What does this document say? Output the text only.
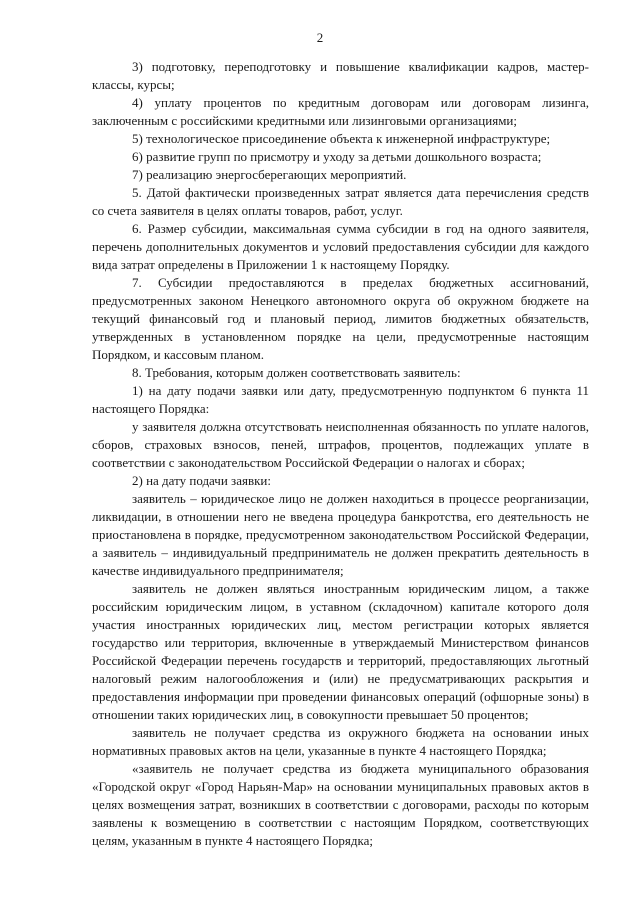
2

3) подготовку, переподготовку и повышение квалификации кадров, мастер-классы, курсы;

4) уплату процентов по кредитным договорам или договорам лизинга, заключенным с российскими кредитными или лизинговыми организациями;

5) технологическое присоединение объекта к инженерной инфраструктуре;

6) развитие групп по присмотру и уходу за детьми дошкольного возраста;

7) реализацию энергосберегающих мероприятий.

5. Датой фактически произведенных затрат является дата перечисления средств со счета заявителя в целях оплаты товаров, работ, услуг.

6. Размер субсидии, максимальная сумма субсидии в год на одного заявителя, перечень дополнительных документов и условий предоставления субсидии для каждого вида затрат определены в Приложении 1 к настоящему Порядку.

7. Субсидии предоставляются в пределах бюджетных ассигнований, предусмотренных законом Ненецкого автономного округа об окружном бюджете на текущий финансовый год и плановый период, лимитов бюджетных обязательств, утвержденных в установленном порядке на цели, предусмотренные настоящим Порядком, и кассовым планом.

8. Требования, которым должен соответствовать заявитель:

1) на дату подачи заявки или дату, предусмотренную подпунктом 6 пункта 11 настоящего Порядка:

у заявителя должна отсутствовать неисполненная обязанность по уплате налогов, сборов, страховых взносов, пеней, штрафов, процентов, подлежащих уплате в соответствии с законодательством Российской Федерации о налогах и сборах;

2) на дату подачи заявки:

заявитель – юридическое лицо не должен находиться в процессе реорганизации, ликвидации, в отношении него не введена процедура банкротства, его деятельность не приостановлена в порядке, предусмотренном законодательством Российской Федерации, а заявитель – индивидуальный предприниматель не должен прекратить деятельность в качестве индивидуального предпринимателя;

заявитель не должен являться иностранным юридическим лицом, а также российским юридическим лицом, в уставном (складочном) капитале которого доля участия иностранных юридических лиц, местом регистрации которых является государство или территория, включенные в утверждаемый Министерством финансов Российской Федерации перечень государств и территорий, предоставляющих льготный налоговый режим налогообложения и (или) не предусматривающих раскрытия и предоставления информации при проведении финансовых операций (офшорные зоны) в отношении таких юридических лиц, в совокупности превышает 50 процентов;

заявитель не получает средства из окружного бюджета на основании иных нормативных правовых актов на цели, указанные в пункте 4 настоящего Порядка;

«заявитель не получает средства из бюджета муниципального образования «Городской округ «Город Нарьян-Мар» на основании муниципальных правовых актов в целях возмещения затрат, возникших в соответствии с договорами, расходы по которым заявлены к возмещению в соответствии с настоящим Порядком, соответствующих целям, указанным в пункте 4 настоящего Порядка;
